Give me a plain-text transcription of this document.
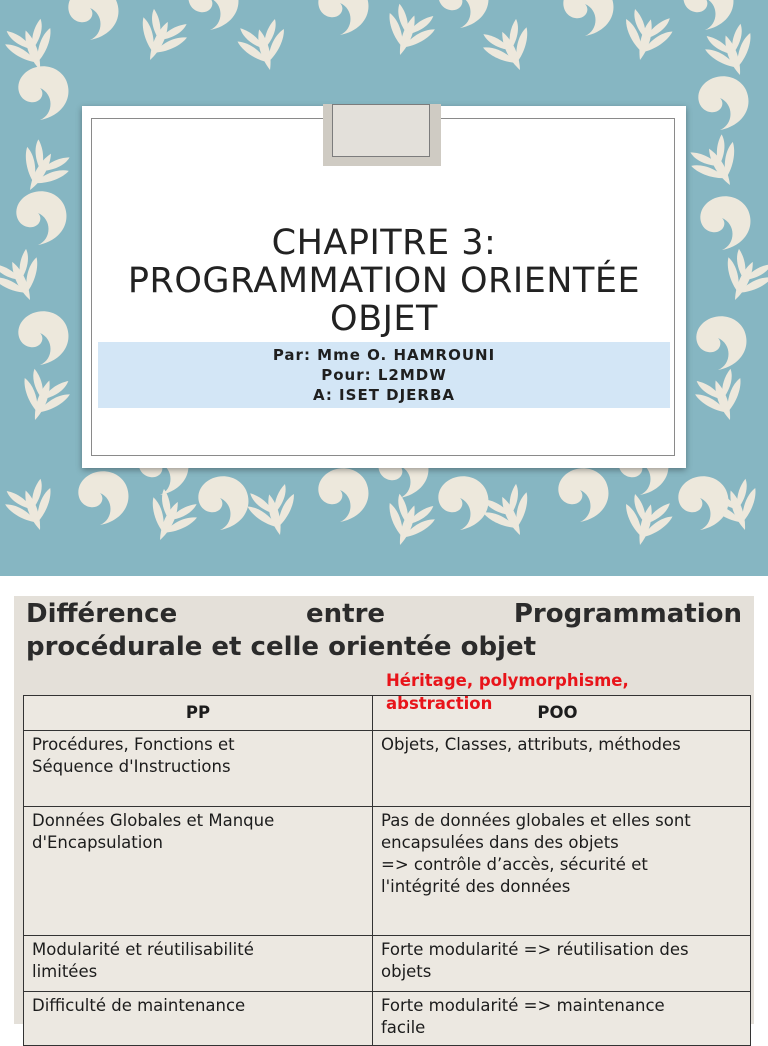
CHAPITRE 3:
PROGRAMMATION ORIENTÉE
OBJET
Par: Mme O. HAMROUNI
Pour: L2MDW
A: ISET DJERBA
Différence	entre	Programmation
procédurale et celle orientée objet
Héritage, polymorphisme,
abstraction
PP	POO

Procédures, Fonctions et
Séquence d'Instructions	Objets, Classes, attributs, méthodes

Données Globales et Manque
d'Encapsulation	Pas de données globales et elles sont
encapsulées dans des objets
=> contrôle d’accès, sécurité et
l'intégrité des données

Modularité et réutilisabilité
limitées	Forte modularité => réutilisation des
objets

Difficulté de maintenance	Forte modularité => maintenance
facile
